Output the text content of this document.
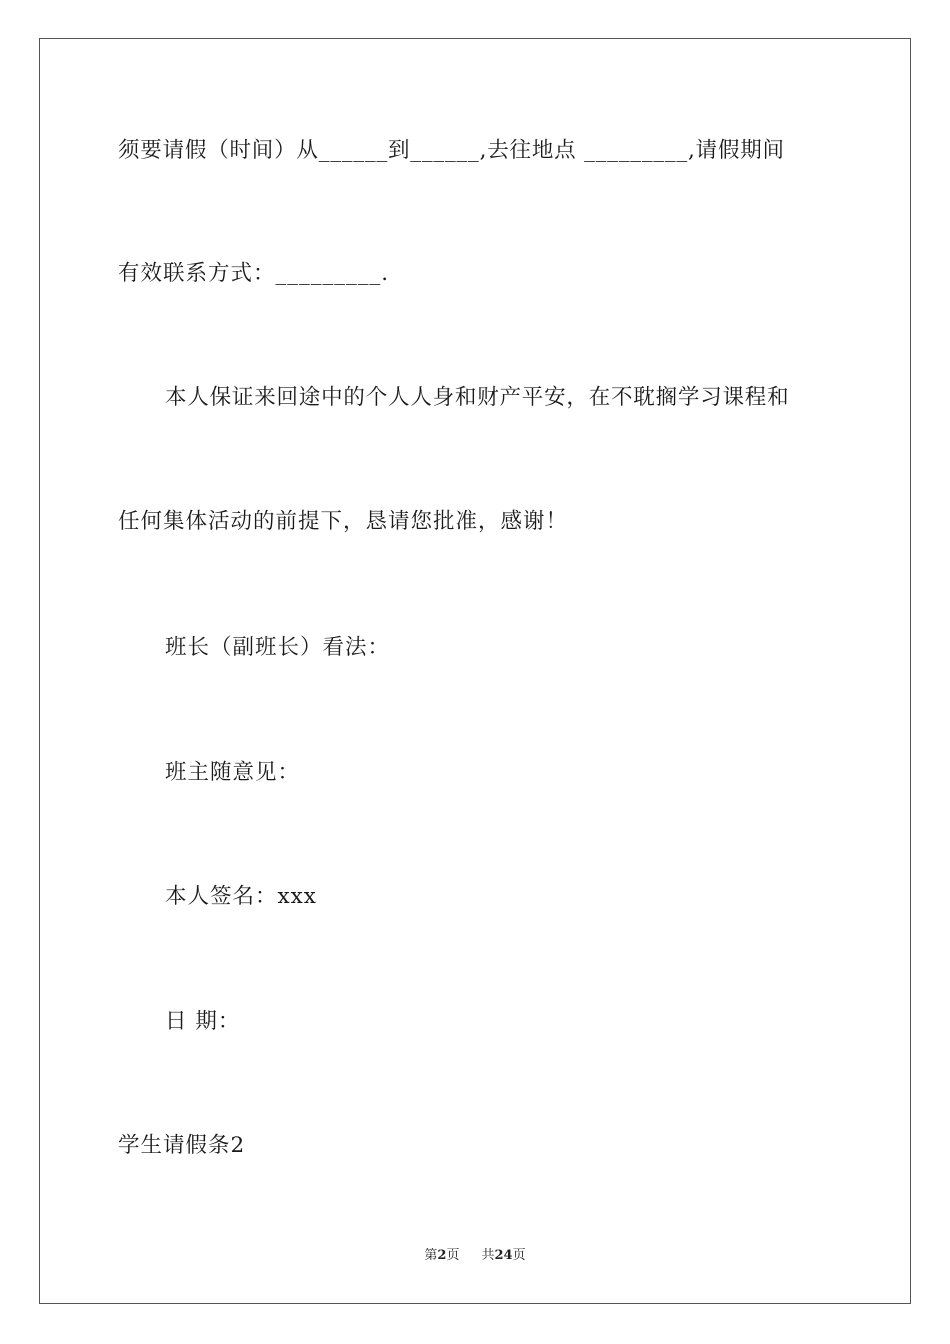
须要请假（时间）从______到______,去往地点 _________,请假期间
有效联系方式：_________.
本人保证来回途中的个人人身和财产平安，在不耽搁学习课程和
任何集体活动的前提下，恳请您批准，感谢！
班长（副班长）看法：
班主随意见：
本人签名：xxx
日 期：
学生请假条2
第2页 共24页
